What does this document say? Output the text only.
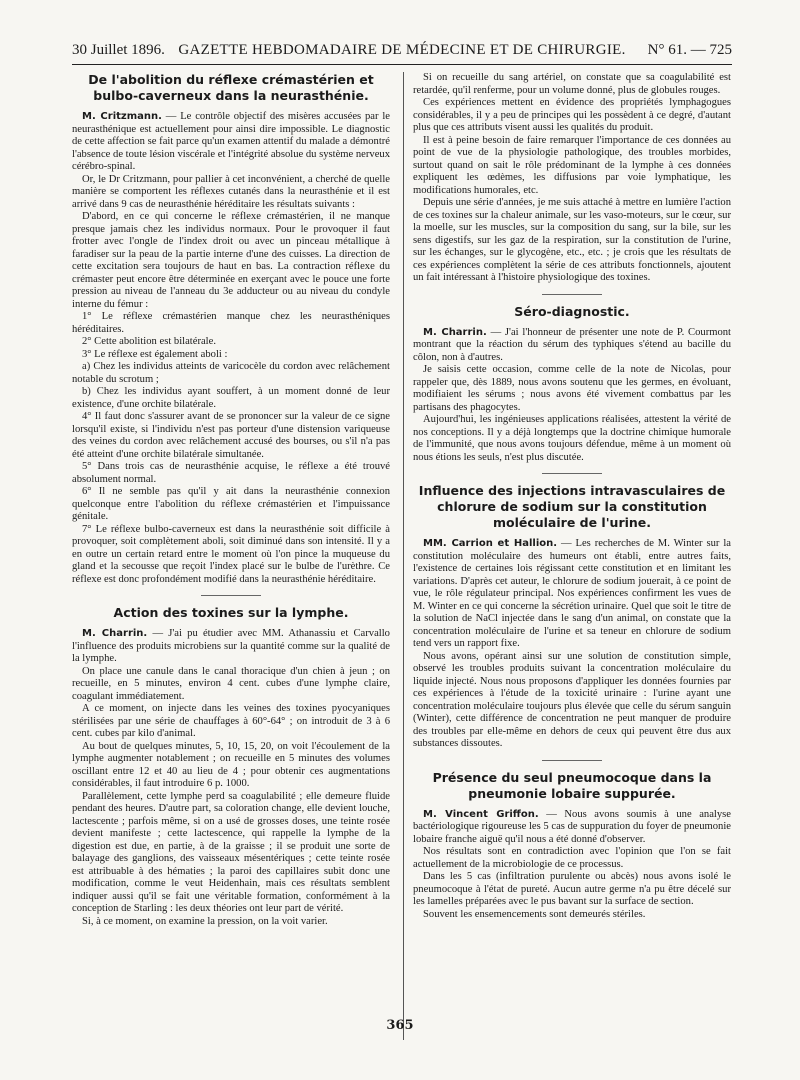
30 Juillet 1896. GAZETTE HEBDOMADAIRE DE MÉDECINE ET DE CHIRURGIE.	N° 61. — 725
De l'abolition du réflexe crémastérien et bulbo-caverneux dans la neurasthénie.

M. Critzmann. — Le contrôle objectif des misères accusées par le neurasthénique est actuellement pour ainsi dire impossible. Le diagnostic de cette affection se fait parce qu'un examen attentif du malade a démontré l'absence de toute lésion viscérale et l'intégrité absolue du système nerveux cérébro-spinal.

Or, le Dr Critzmann, pour pallier à cet inconvénient, a cherché de quelle manière se comportent les réflexes cutanés dans la neurasthénie et il est arrivé dans 9 cas de neurasthénie héréditaire les résultats suivants :

D'abord, en ce qui concerne le réflexe crémastérien, il ne manque presque jamais chez les individus normaux. Pour le provoquer il faut frotter avec l'ongle de l'index droit ou avec un pinceau métallique à faradiser sur la peau de la partie interne d'une des cuisses. La direction de cette excitation sera toujours de haut en bas. La contraction réflexe du crémaster peut encore être déterminée en exerçant avec le pouce une forte pression au niveau de l'anneau du 3e adducteur ou au niveau du condyle interne du fémur :

1° Le réflexe crémastérien manque chez les neurasthéniques héréditaires.

2° Cette abolition est bilatérale.

3° Le réflexe est également aboli :

a) Chez les individus atteints de varicocèle du cordon avec relâchement notable du scrotum ;

b) Chez les individus ayant souffert, à un moment donné de leur existence, d'une orchite bilatérale.

4° Il faut donc s'assurer avant de se prononcer sur la valeur de ce signe lorsqu'il existe, si l'individu n'est pas porteur d'une distension variqueuse des veines du cordon avec relâchement accusé des bourses, ou s'il n'a pas été atteint d'une orchite bilatérale simultanée.

5° Dans trois cas de neurasthénie acquise, le réflexe a été trouvé absolument normal.

6° Il ne semble pas qu'il y ait dans la neurasthénie connexion quelconque entre l'abolition du réflexe crémastérien et l'impuissance génitale.

7° Le réflexe bulbo-caverneux est dans la neurasthénie soit difficile à provoquer, soit complètement aboli, soit diminué dans son intensité. Il y a en outre un certain retard entre le moment où l'on pince la muqueuse du gland et la secousse que reçoit l'index placé sur le bulbe de l'urèthre. Ce réflexe est donc profondément modifié dans la neurasthénie héréditaire.

Action des toxines sur la lymphe.

M. Charrin. — J'ai pu étudier avec MM. Athanassiu et Carvallo l'influence des produits microbiens sur la quantité comme sur la qualité de la lymphe.

On place une canule dans le canal thoracique d'un chien à jeun ; on recueille, en 5 minutes, environ 4 cent. cubes d'une lymphe claire, coagulant immédiatement.

A ce moment, on injecte dans les veines des toxines pyocyaniques stérilisées par une série de chauffages à 60°-64° ; on introduit de 3 à 6 cent. cubes par kilo d'animal.

Au bout de quelques minutes, 5, 10, 15, 20, on voit l'écoulement de la lymphe augmenter notablement ; on recueille en 5 minutes des volumes oscillant entre 12 et 40 au lieu de 4 ; pour obtenir ces augmentations considérables, il faut introduire 6 p. 1000.

Parallèlement, cette lymphe perd sa coagulabilité ; elle demeure fluide pendant des heures. D'autre part, sa coloration change, elle devient louche, lactescente ; parfois même, si on a usé de grosses doses, une teinte rosée devient manifeste ; cette lactescence, qui rappelle la lymphe de la digestion est due, en partie, à de la graisse ; il se produit une sorte de balayage des ganglions, des vaisseaux mésentériques ; cette teinte rosée est attribuable à des hématies ; la paroi des capillaires subit donc une modification, comme le veut Heidenhain, mais ces résultats semblent indiquer aussi qu'il se fait une véritable formation, conformément à la conception de Starling : les deux théories ont leur part de vérité.

Si, à ce moment, on examine la pression, on la voit varier.

Si on recueille du sang artériel, on constate que sa coagulabilité est retardée, qu'il renferme, pour un volume donné, plus de globules rouges.

Ces expériences mettent en évidence des propriétés lymphagogues considérables, il y a peu de principes qui les possèdent à ce degré, d'autant plus que ces attributs visent aussi les qualités du produit.

Il est à peine besoin de faire remarquer l'importance de ces données au point de vue de la physiologie pathologique, des troubles morbides, surtout quand on sait le rôle prédominant de la lymphe à ces données expliquent les œdèmes, les diffusions par voie lymphatique, les modifications humorales, etc.

Depuis une série d'années, je me suis attaché à mettre en lumière l'action de ces toxines sur la chaleur animale, sur les vaso-moteurs, sur le cœur, sur la moelle, sur les muscles, sur la composition du sang, sur la bile, sur les sens digestifs, sur les gaz de la respiration, sur la constitution de l'urine, sur les échanges, sur le glycogène, etc., etc. ; je crois que les résultats de ces expériences complètent la série de ces attributs fonctionnels, ajoutent un fait intéressant à l'histoire physiologique des toxines.

Séro-diagnostic.

M. Charrin. — J'ai l'honneur de présenter une note de P. Courmont montrant que la réaction du sérum des typhiques s'étend au bacille du côlon, non à d'autres.

Je saisis cette occasion, comme celle de la note de Nicolas, pour rappeler que, dès 1889, nous avons soutenu que les germes, en évoluant, modifiaient les sérums ; nous avons été vivement combattus par les partisans des phagocytes.

Aujourd'hui, les ingénieuses applications réalisées, attestent la vérité de nos conceptions. Il y a déjà longtemps que la doctrine chimique humorale de l'immunité, que nous avons toujours défendue, même à un moment où nous étions les seuls, n'est plus discutée.

Influence des injections intravasculaires de chlorure de sodium sur la constitution moléculaire de l'urine.

MM. Carrion et Hallion. — Les recherches de M. Winter sur la constitution moléculaire des humeurs ont établi, entre autres faits, l'existence de certaines lois régissant cette constitution et en limitant les variations. D'après cet auteur, le chlorure de sodium jouerait, à ce point de vue, le rôle régulateur principal. Nos expériences confirment les vues de M. Winter en ce qui concerne la sécrétion urinaire. Quel que soit le titre de la solution de NaCl injectée dans le sang d'un animal, on constate que la concentration moléculaire de l'urine et sa teneur en chlorure de sodium tend vers un rapport fixe.

Nous avons, opérant ainsi sur une solution de constitution simple, observé les troubles produits suivant la concentration moléculaire du liquide injecté. Nous nous proposons d'appliquer les données fournies par ces expériences à l'étude de la toxicité urinaire : l'urine ayant une concentration moléculaire toujours plus élevée que celle du sérum sanguin (Winter), cette différence de concentration ne peut manquer de produire des troubles par elle-même en dehors de ceux qui peuvent être dus aux substances dissoutes.

Présence du seul pneumocoque dans la pneumonie lobaire suppurée.

M. Vincent Griffon. — Nous avons soumis à une analyse bactériologique rigoureuse les 5 cas de suppuration du foyer de pneumonie lobaire franche aiguë qu'il nous a été donné d'observer.

Nos résultats sont en contradiction avec l'opinion que l'on se fait actuellement de la microbiologie de ce processus.

Dans les 5 cas (infiltration purulente ou abcès) nous avons isolé le pneumocoque à l'état de pureté. Aucun autre germe n'a pu être décelé sur les lamelles préparées avec le pus bavant sur la surface de section.

Souvent les ensemencements sont demeurés stériles.

365
